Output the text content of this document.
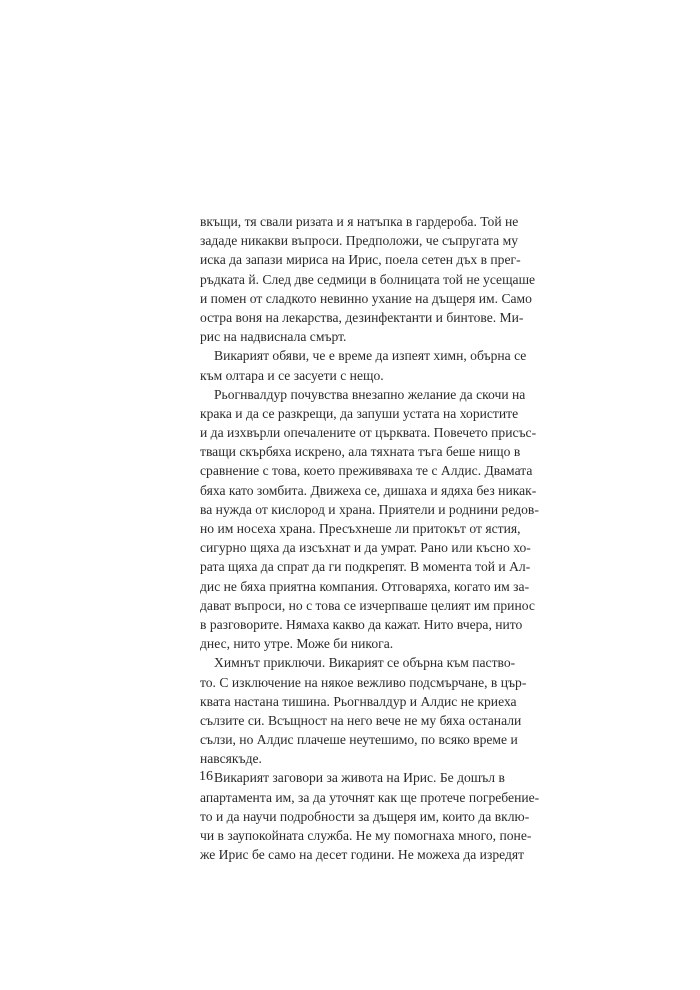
вкъщи, тя свали ризата и я натъпка в гардероба. Той не
зададе никакви въпроси. Предположи, че съпругата му
иска да запази мириса на Ирис, поела сетен дъх в прег-
ръдката й. След две седмици в болницата той не усещаше
и помен от сладкото невинно ухание на дъщеря им. Само
остра воня на лекарства, дезинфектанти и бинтове. Ми-
рис на надвиснала смърт.
Викарият обяви, че е време да изпеят химн, обърна се
към олтара и се засуети с нещо.
Рьогнвалдур почувства внезапно желание да скочи на
крака и да се разкрещи, да запуши устата на хористите
и да изхвърли опечалените от църквата. Повечето присъс-
тващи скърбяха искрено, ала тяхната тъга беше нищо в
сравнение с това, което преживяваха те с Алдис. Двамата
бяха като зомбита. Движеха се, дишаха и ядяха без никак-
ва нужда от кислород и храна. Приятели и роднини редов-
но им носеха храна. Пресъхнеше ли притокът от ястия,
сигурно щяха да изсъхнат и да умрат. Рано или късно хо-
рата щяха да спрат да ги подкрепят. В момента той и Ал-
дис не бяха приятна компания. Отговаряха, когато им за-
дават въпроси, но с това се изчерпваше целият им принос
в разговорите. Нямаха какво да кажат. Нито вчера, нито
днес, нито утре. Може би никога.
Химнът приключи. Викарият се обърна към паство-
то. С изключение на някое вежливо подсмърчане, в цър-
квата настана тишина. Рьогнвалдур и Алдис не криеха
сълзите си. Всъщност на него вече не му бяха останали
сълзи, но Алдис плачеше неутешимо, по всяко време и
навсякъде.
Викарият заговори за живота на Ирис. Бе дошъл в
апартамента им, за да уточнят как ще протече погребение-
то и да научи подробности за дъщеря им, които да вклю-
чи в заупокойната служба. Не му помогнаха много, поне-
же Ирис бе само на десет години. Не можеха да изредят
16
